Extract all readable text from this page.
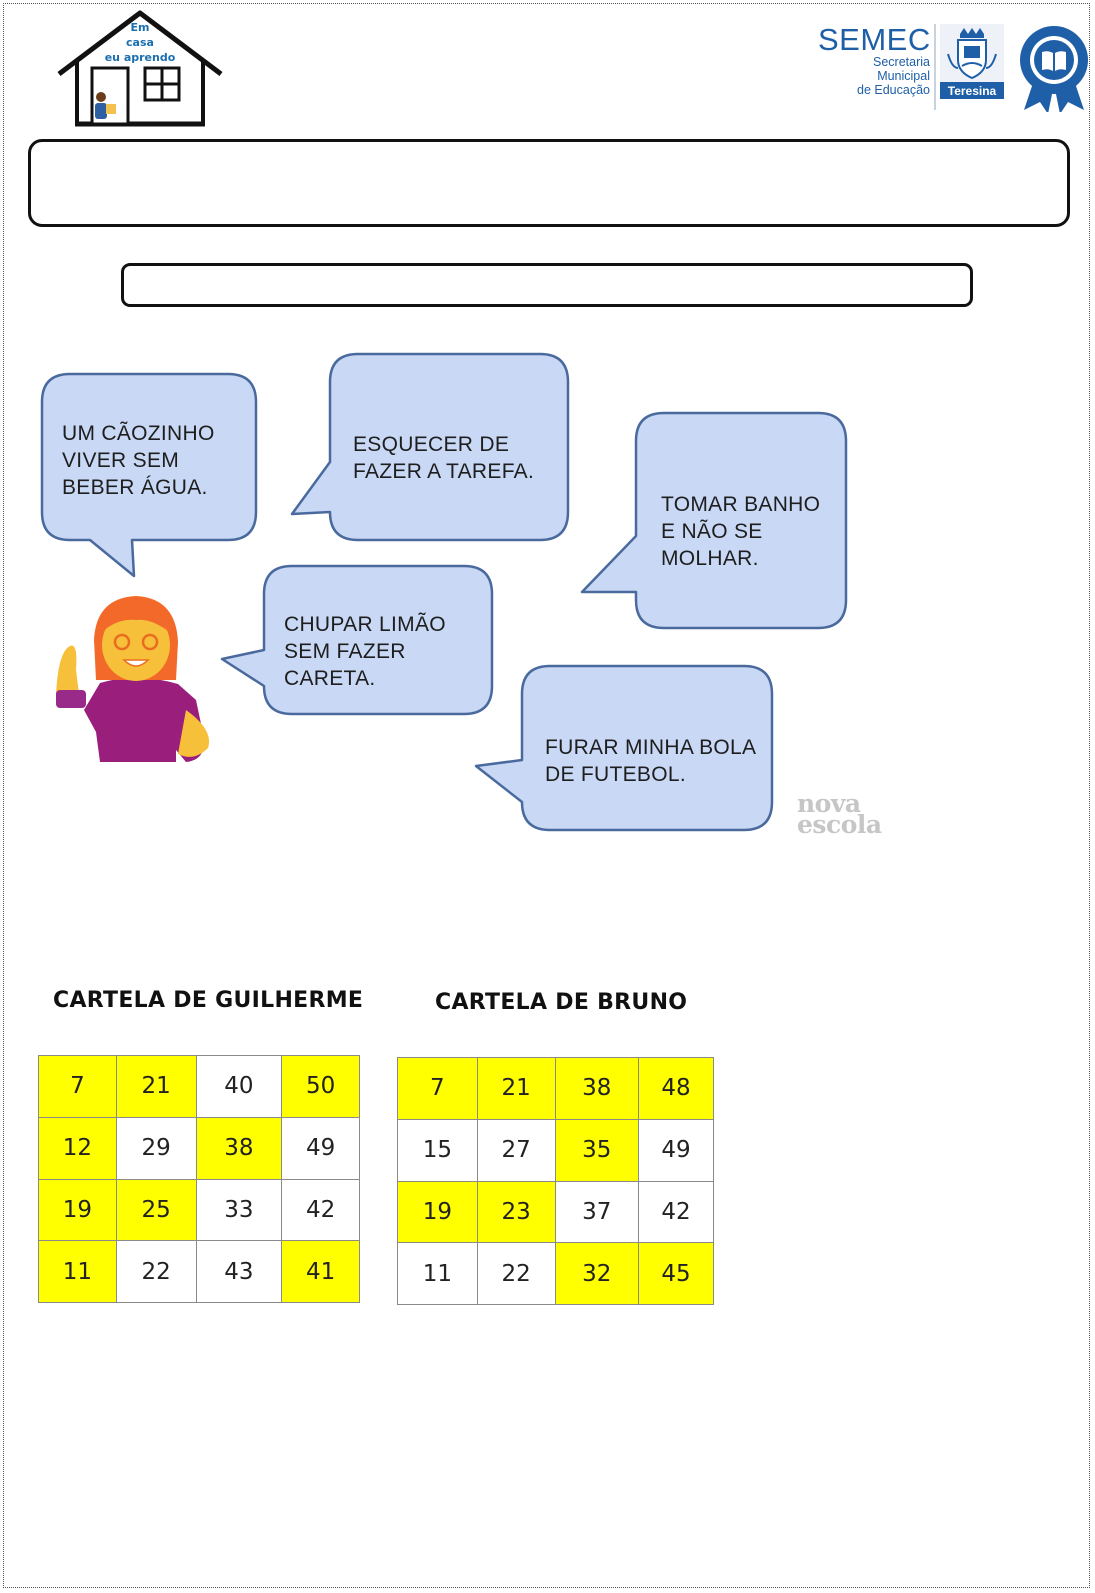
Em
casa
eu aprendo
SEMEC
Secretaria
Municipal
de Educação	Teresina
UM CÃOZINHO
VIVER SEM
BEBER ÁGUA.
ESQUECER DE
FAZER A TAREFA.
TOMAR BANHO
E NÃO SE
MOLHAR.
CHUPAR LIMÃO
SEM FAZER
CARETA.
FURAR MINHA BOLA
DE FUTEBOL.
nova
escola
CARTELA DE GUILHERME	CARTELA DE BRUNO
7	21	40	50
12	29	38	49
19	25	33	42
11	22	43	41
7	21	38	48
15	27	35	49
19	23	37	42
11	22	32	45
